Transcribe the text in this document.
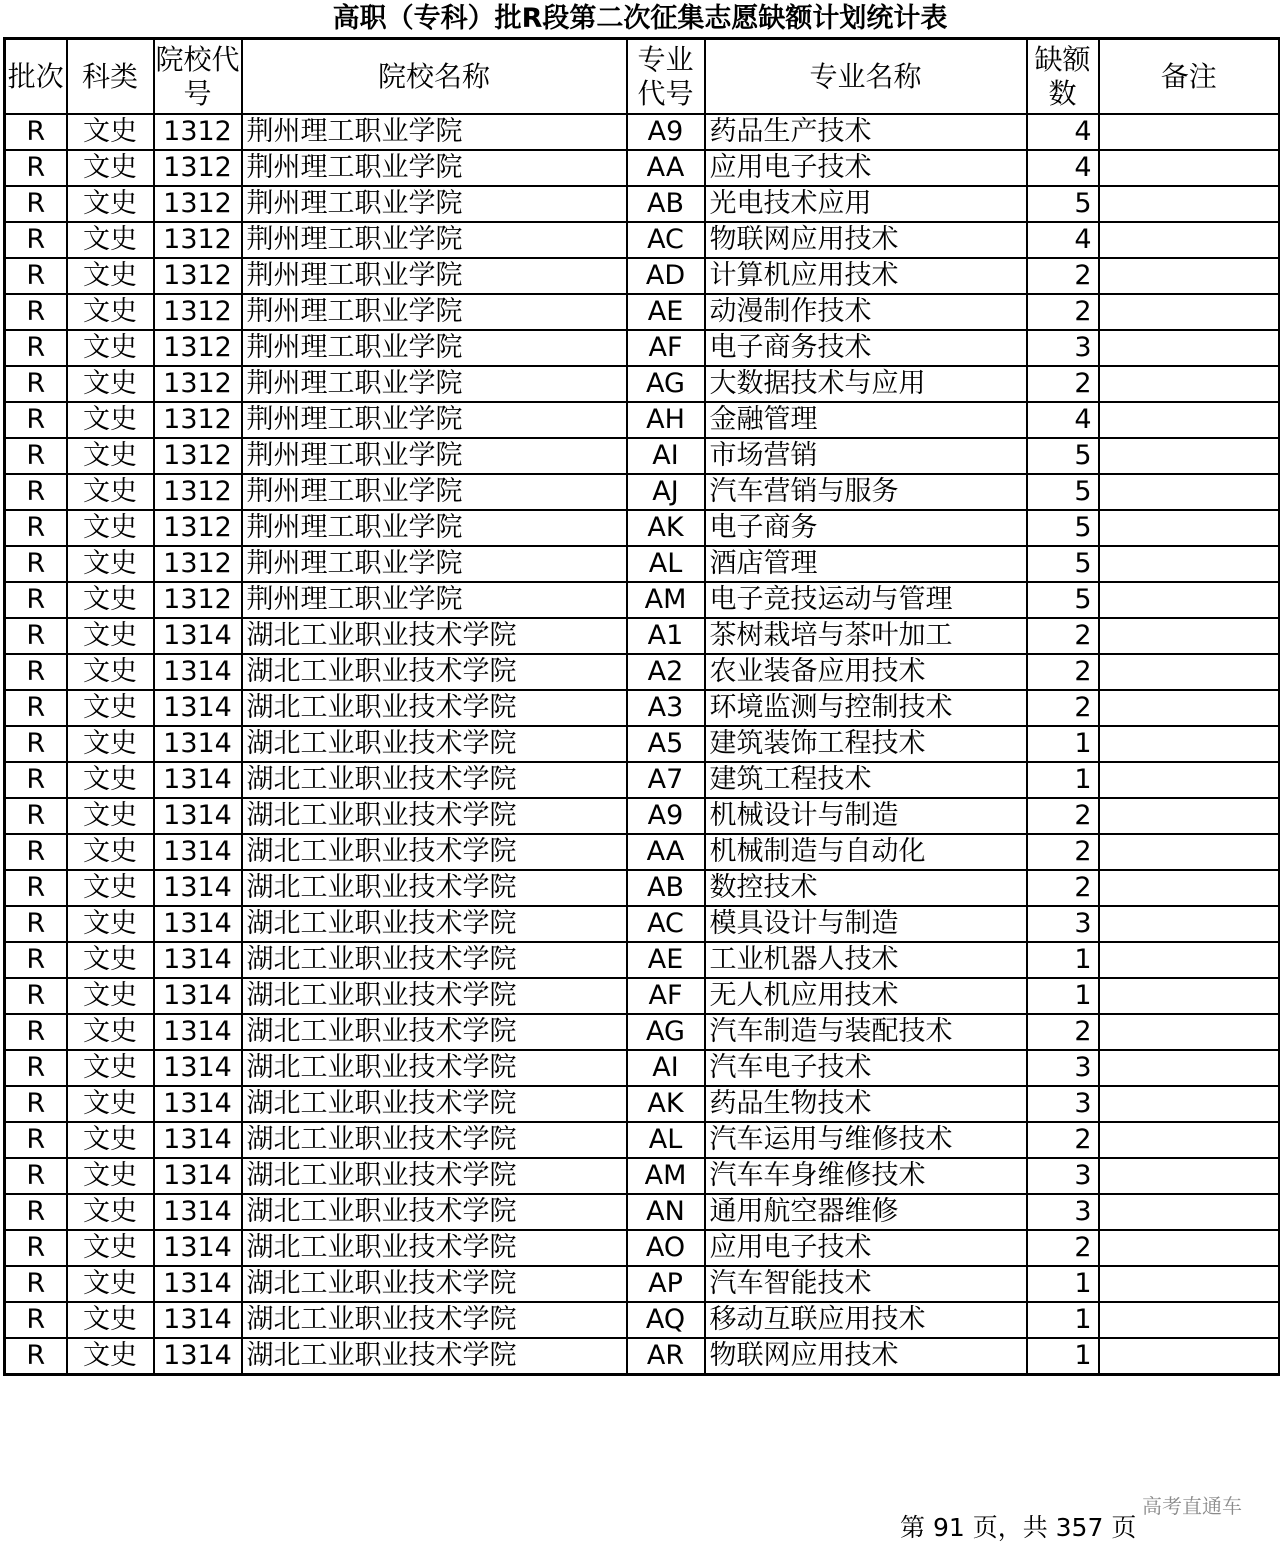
高职（专科）批R段第二次征集志愿缺额计划统计表
批次	科类	院校代号	院校名称	专业代号	专业名称	缺额数	备注
R	文史	1312	荆州理工职业学院	A9	药品生产技术	4	
R	文史	1312	荆州理工职业学院	AA	应用电子技术	4	
R	文史	1312	荆州理工职业学院	AB	光电技术应用	5	
R	文史	1312	荆州理工职业学院	AC	物联网应用技术	4	
R	文史	1312	荆州理工职业学院	AD	计算机应用技术	2	
R	文史	1312	荆州理工职业学院	AE	动漫制作技术	2	
R	文史	1312	荆州理工职业学院	AF	电子商务技术	3	
R	文史	1312	荆州理工职业学院	AG	大数据技术与应用	2	
R	文史	1312	荆州理工职业学院	AH	金融管理	4	
R	文史	1312	荆州理工职业学院	AI	市场营销	5	
R	文史	1312	荆州理工职业学院	AJ	汽车营销与服务	5	
R	文史	1312	荆州理工职业学院	AK	电子商务	5	
R	文史	1312	荆州理工职业学院	AL	酒店管理	5	
R	文史	1312	荆州理工职业学院	AM	电子竞技运动与管理	5	
R	文史	1314	湖北工业职业技术学院	A1	茶树栽培与茶叶加工	2	
R	文史	1314	湖北工业职业技术学院	A2	农业装备应用技术	2	
R	文史	1314	湖北工业职业技术学院	A3	环境监测与控制技术	2	
R	文史	1314	湖北工业职业技术学院	A5	建筑装饰工程技术	1	
R	文史	1314	湖北工业职业技术学院	A7	建筑工程技术	1	
R	文史	1314	湖北工业职业技术学院	A9	机械设计与制造	2	
R	文史	1314	湖北工业职业技术学院	AA	机械制造与自动化	2	
R	文史	1314	湖北工业职业技术学院	AB	数控技术	2	
R	文史	1314	湖北工业职业技术学院	AC	模具设计与制造	3	
R	文史	1314	湖北工业职业技术学院	AE	工业机器人技术	1	
R	文史	1314	湖北工业职业技术学院	AF	无人机应用技术	1	
R	文史	1314	湖北工业职业技术学院	AG	汽车制造与装配技术	2	
R	文史	1314	湖北工业职业技术学院	AI	汽车电子技术	3	
R	文史	1314	湖北工业职业技术学院	AK	药品生物技术	3	
R	文史	1314	湖北工业职业技术学院	AL	汽车运用与维修技术	2	
R	文史	1314	湖北工业职业技术学院	AM	汽车车身维修技术	3	
R	文史	1314	湖北工业职业技术学院	AN	通用航空器维修	3	
R	文史	1314	湖北工业职业技术学院	AO	应用电子技术	2	
R	文史	1314	湖北工业职业技术学院	AP	汽车智能技术	1	
R	文史	1314	湖北工业职业技术学院	AQ	移动互联应用技术	1	
R	文史	1314	湖北工业职业技术学院	AR	物联网应用技术	1	
第 91 页，共 357 页
高考直通车
